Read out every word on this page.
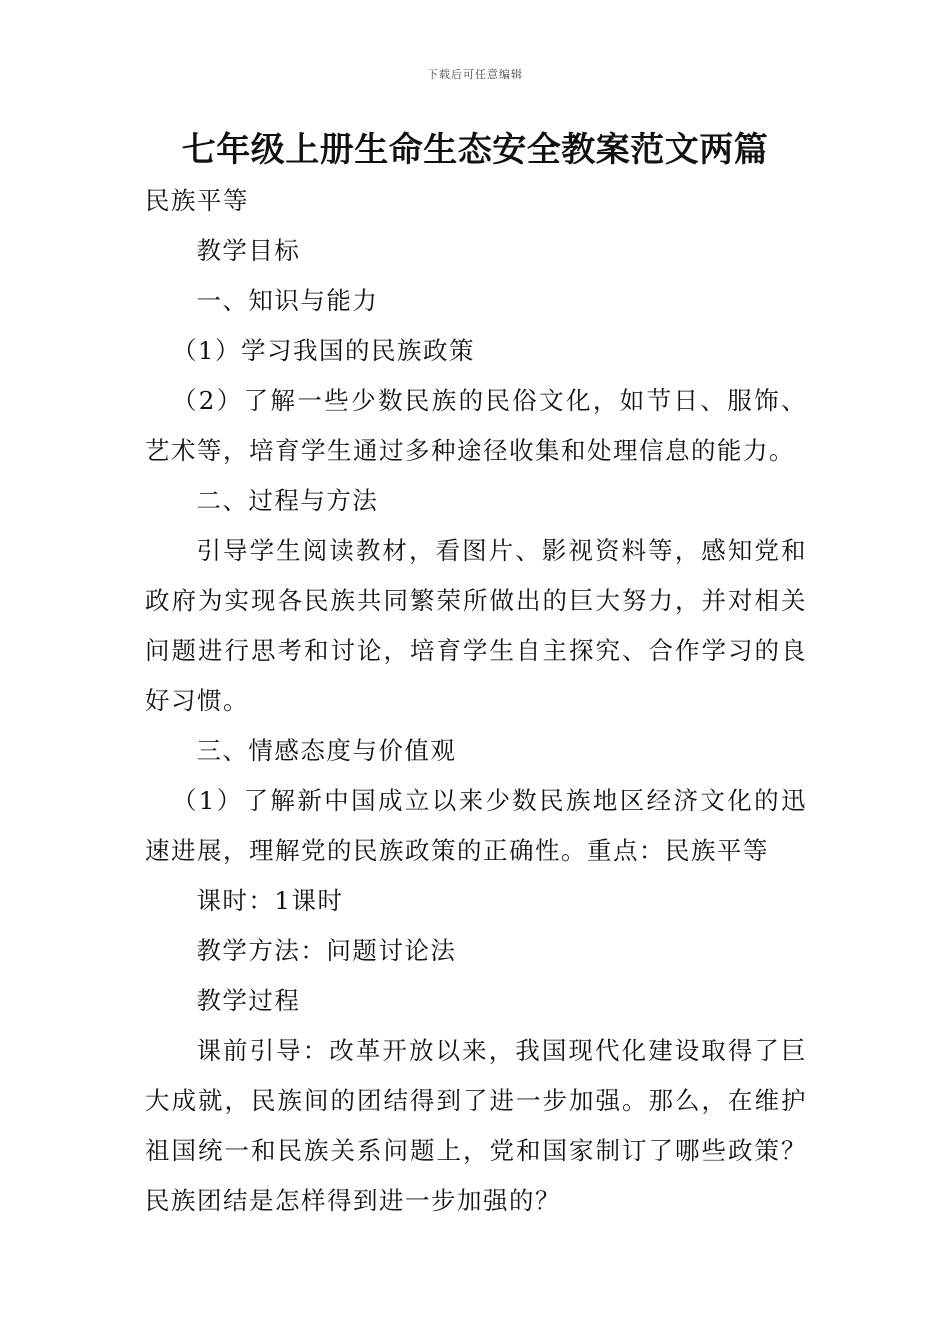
下载后可任意编辑
七年级上册生命生态安全教案范文两篇

民族平等

教学目标

一、知识与能力

（1）学习我国的民族政策

（2）了解一些少数民族的民俗文化，如节日、服饰、艺术等，培育学生通过多种途径收集和处理信息的能力。

二、过程与方法

引导学生阅读教材，看图片、影视资料等，感知党和政府为实现各民族共同繁荣所做出的巨大努力，并对相关问题进行思考和讨论，培育学生自主探究、合作学习的良好习惯。

三、情感态度与价值观

（1）了解新中国成立以来少数民族地区经济文化的迅速进展，理解党的民族政策的正确性。重点：民族平等

课时：1课时

教学方法：问题讨论法

教学过程

课前引导：改革开放以来，我国现代化建设取得了巨大成就，民族间的团结得到了进一步加强。那么，在维护祖国统一和民族关系问题上，党和国家制订了哪些政策？民族团结是怎样得到进一步加强的？
